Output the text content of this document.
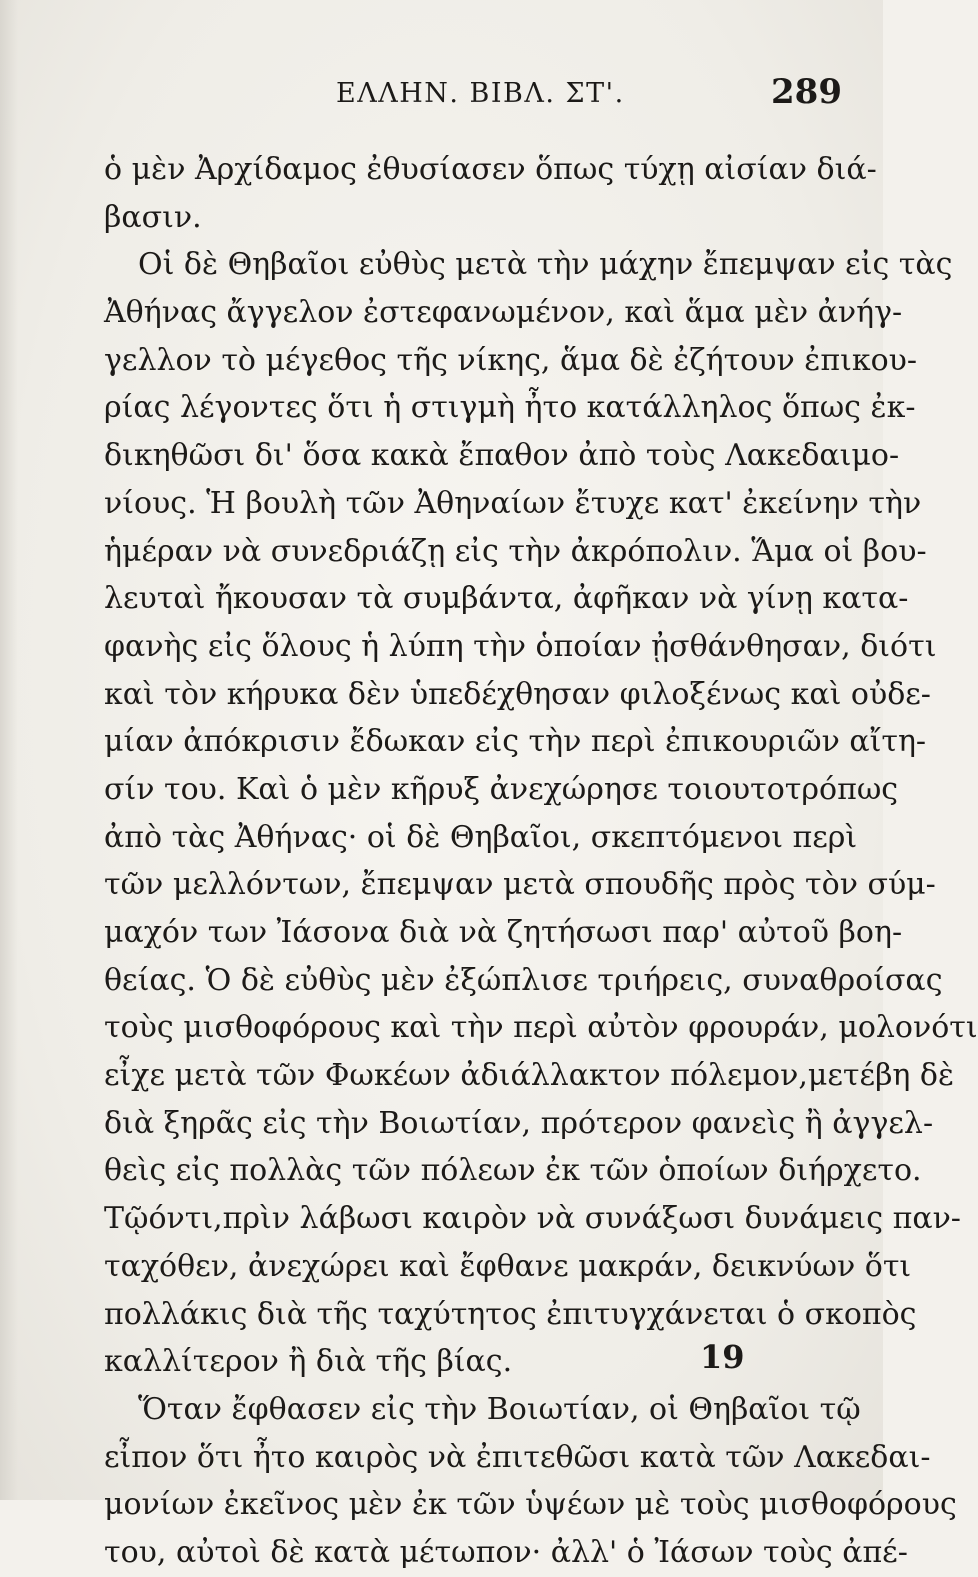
ΕΛΛΗΝ. ΒΙΒΛ. ΣΤ'.	289
ὁ μὲν Ἀρχίδαμος ἐθυσίασεν ὅπως τύχῃ αἰσίαν διά-
βασιν.
Οἱ δὲ Θηβαῖοι εὐθὺς μετὰ τὴν μάχην ἔπεμψαν εἰς τὰς
Ἀθήνας ἄγγελον ἐστεφανωμένον, καὶ ἅμα μὲν ἀνήγ-
γελλον τὸ μέγεθος τῆς νίκης, ἅμα δὲ ἐζήτουν ἐπικου-
ρίας λέγοντες ὅτι ἡ στιγμὴ ἦτο κατάλληλος ὅπως ἐκ-
δικηθῶσι δι' ὅσα κακὰ ἔπαθον ἀπὸ τοὺς Λακεδαιμο-
νίους. Ἡ βουλὴ τῶν Ἀθηναίων ἔτυχε κατ' ἐκείνην τὴν
ἡμέραν νὰ συνεδριάζῃ εἰς τὴν ἀκρόπολιν. Ἅμα οἱ βου-
λευταὶ ἤκουσαν τὰ συμβάντα, ἀφῆκαν νὰ γίνῃ κατα-
φανὴς εἰς ὅλους ἡ λύπη τὴν ὁποίαν ᾐσθάνθησαν, διότι
καὶ τὸν κήρυκα δὲν ὑπεδέχθησαν φιλοξένως καὶ οὐδε-
μίαν ἀπόκρισιν ἔδωκαν εἰς τὴν περὶ ἐπικουριῶν αἴτη-
σίν του. Καὶ ὁ μὲν κῆρυξ ἀνεχώρησε τοιουτοτρόπως
ἀπὸ τὰς Ἀθήνας· οἱ δὲ Θηβαῖοι, σκεπτόμενοι περὶ
τῶν μελλόντων, ἔπεμψαν μετὰ σπουδῆς πρὸς τὸν σύμ-
μαχόν των Ἰάσονα διὰ νὰ ζητήσωσι παρ' αὐτοῦ βοη-
θείας. Ὁ δὲ εὐθὺς μὲν ἐξώπλισε τριήρεις, συναθροίσας
τοὺς μισθοφόρους καὶ τὴν περὶ αὐτὸν φρουράν, μολονότι
εἶχε μετὰ τῶν Φωκέων ἀδιάλλακτον πόλεμον,μετέβη δὲ
διὰ ξηρᾶς εἰς τὴν Βοιωτίαν, πρότερον φανεὶς ἢ ἀγγελ-
θεὶς εἰς πολλὰς τῶν πόλεων ἐκ τῶν ὁποίων διήρχετο.
Τῷόντι,πρὶν λάβωσι καιρὸν νὰ συνάξωσι δυνάμεις παν-
ταχόθεν, ἀνεχώρει καὶ ἔφθανε μακράν, δεικνύων ὅτι
πολλάκις διὰ τῆς ταχύτητος ἐπιτυγχάνεται ὁ σκοπὸς
καλλίτερον ἢ διὰ τῆς βίας.
Ὅταν ἔφθασεν εἰς τὴν Βοιωτίαν, οἱ Θηβαῖοι τῷ
εἶπον ὅτι ἦτο καιρὸς νὰ ἐπιτεθῶσι κατὰ τῶν Λακεδαι-
μονίων ἐκεῖνος μὲν ἐκ τῶν ὑψέων μὲ τοὺς μισθοφόρους
του, αὐτοὶ δὲ κατὰ μέτωπον· ἀλλ' ὁ Ἰάσων τοὺς ἀπέ-
19
